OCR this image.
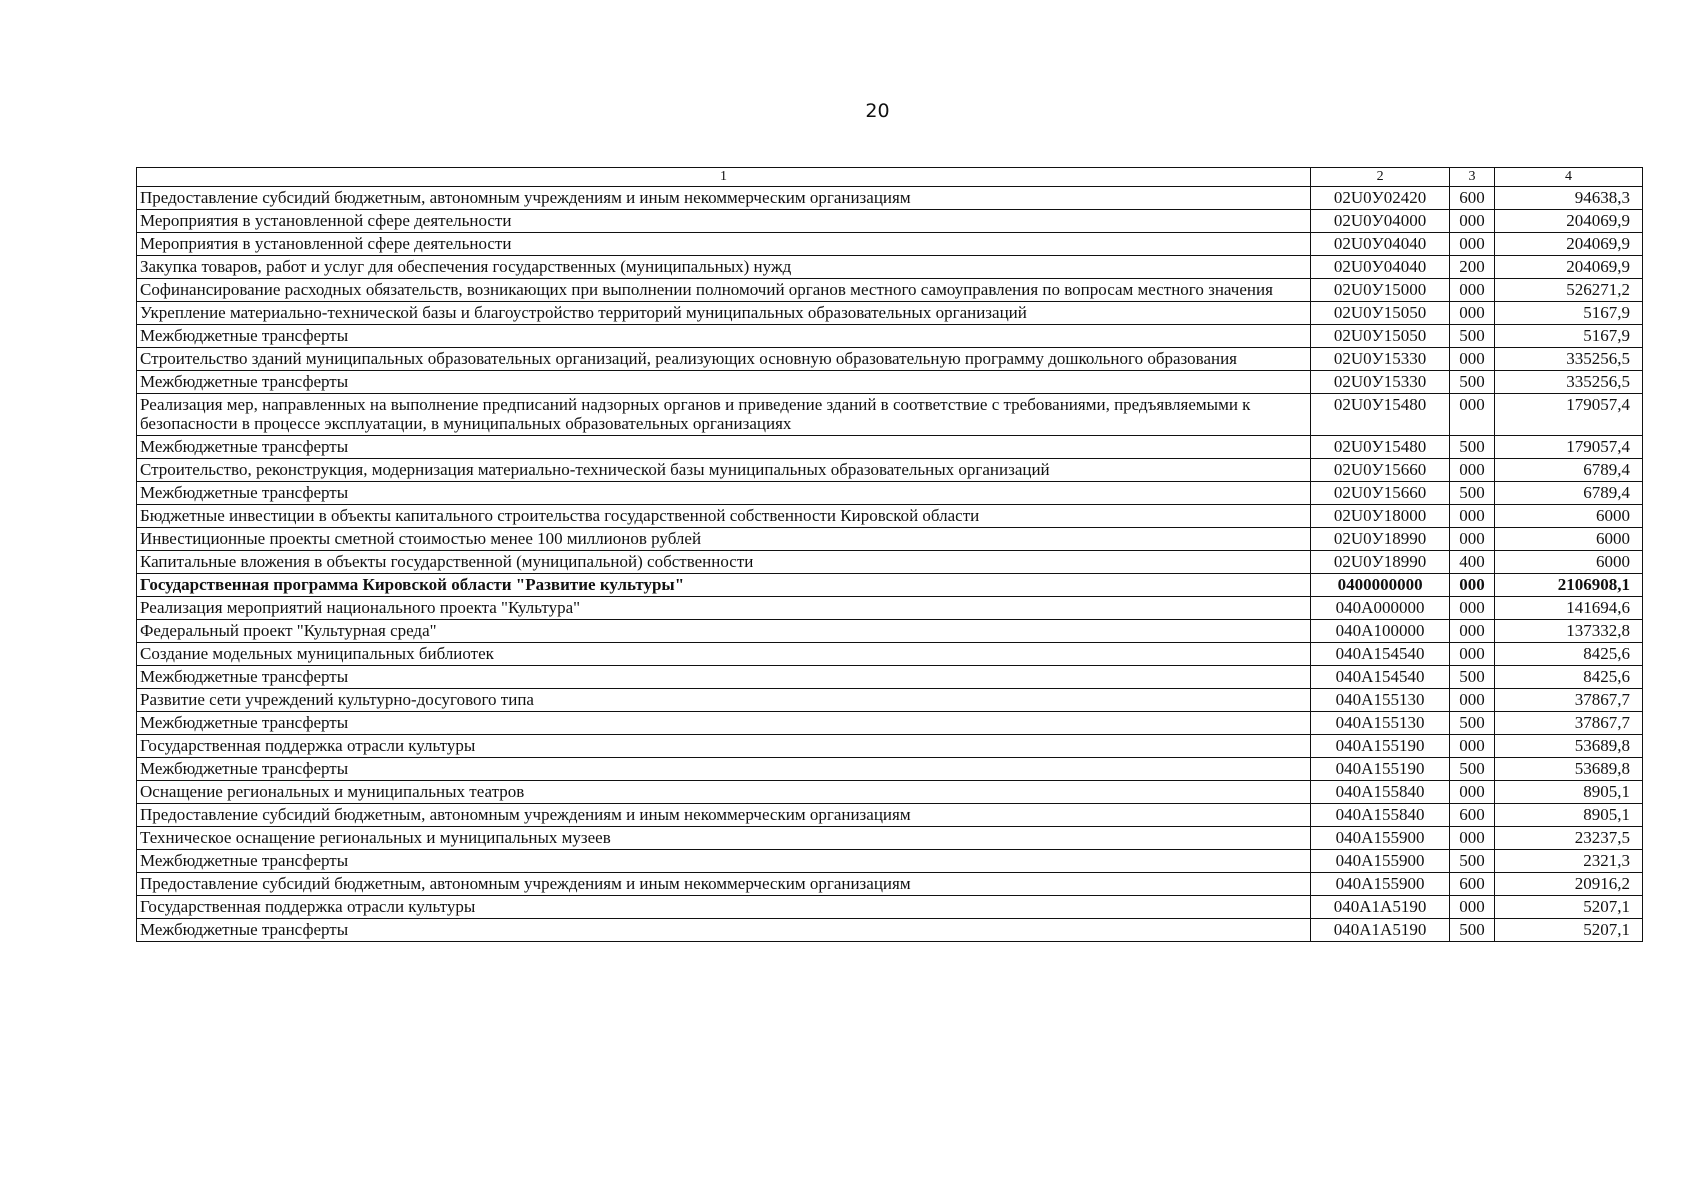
20
1	2	3	4
Предоставление субсидий бюджетным, автономным учреждениям и иным некоммерческим организациям	02U0У02420	600	94638,3
Мероприятия в установленной сфере деятельности	02U0У04000	000	204069,9
Мероприятия в установленной сфере деятельности	02U0У04040	000	204069,9
Закупка товаров, работ и услуг для обеспечения государственных (муниципальных) нужд	02U0У04040	200	204069,9
Софинансирование расходных обязательств, возникающих при выполнении полномочий органов местного самоуправления по вопросам местного значения	02U0У15000	000	526271,2
Укрепление материально-технической базы и благоустройство территорий муниципальных образовательных организаций	02U0У15050	000	5167,9
Межбюджетные трансферты	02U0У15050	500	5167,9
Строительство зданий муниципальных образовательных организаций, реализующих основную образовательную программу дошкольного образования	02U0У15330	000	335256,5
Межбюджетные трансферты	02U0У15330	500	335256,5
Реализация мер, направленных на выполнение предписаний надзорных органов и приведение зданий в соответствие с требованиями, предъявляемыми к безопасности в процессе эксплуатации, в муниципальных образовательных организациях	02U0У15480	000	179057,4
Межбюджетные трансферты	02U0У15480	500	179057,4
Строительство, реконструкция, модернизация материально-технической базы муниципальных образовательных организаций	02U0У15660	000	6789,4
Межбюджетные трансферты	02U0У15660	500	6789,4
Бюджетные инвестиции в объекты капитального строительства государственной собственности Кировской области	02U0У18000	000	6000
Инвестиционные проекты сметной стоимостью менее 100 миллионов рублей	02U0У18990	000	6000
Капитальные вложения в объекты государственной (муниципальной) собственности	02U0У18990	400	6000
Государственная программа Кировской области "Развитие культуры"	0400000000	000	2106908,1
Реализация мероприятий национального проекта "Культура"	040A000000	000	141694,6
Федеральный проект "Культурная среда"	040A100000	000	137332,8
Создание модельных муниципальных библиотек	040A154540	000	8425,6
Межбюджетные трансферты	040A154540	500	8425,6
Развитие сети учреждений культурно-досугового типа	040A155130	000	37867,7
Межбюджетные трансферты	040A155130	500	37867,7
Государственная поддержка отрасли культуры	040A155190	000	53689,8
Межбюджетные трансферты	040A155190	500	53689,8
Оснащение региональных и муниципальных театров	040A155840	000	8905,1
Предоставление субсидий бюджетным, автономным учреждениям и иным некоммерческим организациям	040A155840	600	8905,1
Техническое оснащение региональных и муниципальных музеев	040A155900	000	23237,5
Межбюджетные трансферты	040A155900	500	2321,3
Предоставление субсидий бюджетным, автономным учреждениям и иным некоммерческим организациям	040A155900	600	20916,2
Государственная поддержка отрасли культуры	040A1A5190	000	5207,1
Межбюджетные трансферты	040A1A5190	500	5207,1
